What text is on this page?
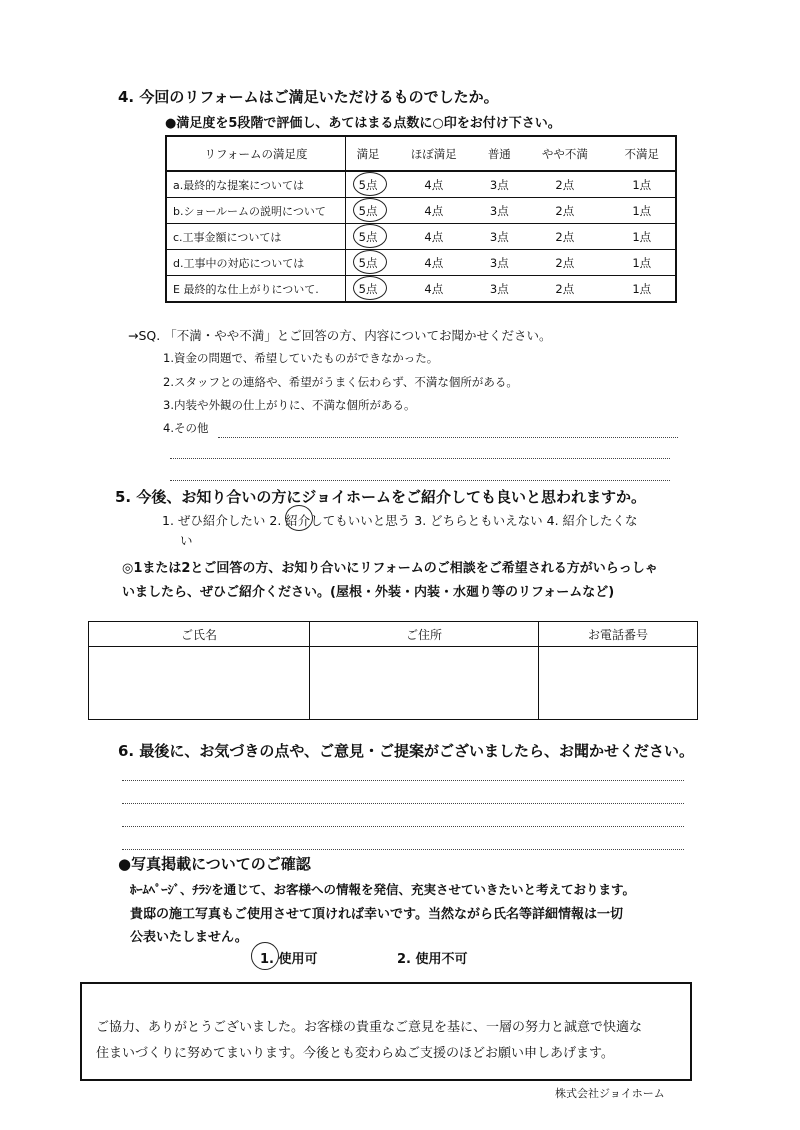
4. 今回のリフォームはご満足いただけるものでしたか。
●満足度を5段階で評価し、あてはまる点数に○印をお付け下さい。
リフォームの満足度	満足	ほぼ満足	普通	やや不満	不満足
a.最終的な提案については	5点	4点	3点	2点	1点
b.ショールームの説明について	5点	4点	3点	2点	1点
c.工事金額については	5点	4点	3点	2点	1点
d.工事中の対応については	5点	4点	3点	2点	1点
E 最終的な仕上がりについて.	5点	4点	3点	2点	1点
→SQ. 「不満・やや不満」とご回答の方、内容についてお聞かせください。
1.資金の問題で、希望していたものができなかった。
2.スタッフとの連絡や、希望がうまく伝わらず、不満な個所がある。
3.内装や外観の仕上がりに、不満な個所がある。
4.その他
5. 今後、お知り合いの方にジョイホームをご紹介しても良いと思われますか。
1. ぜひ紹介したい 2. 紹介してもいいと思う 3. どちらともいえない 4. 紹介したくな
い
◎1または2とご回答の方、お知り合いにリフォームのご相談をご希望される方がいらっしゃ
いましたら、ぜひご紹介ください。(屋根・外装・内装・水廻り等のリフォームなど)
ご氏名	ご住所	お電話番号

6. 最後に、お気づきの点や、ご意見・ご提案がございましたら、お聞かせください。
●写真掲載についてのご確認
ﾎｰﾑﾍﾟｰｼﾞ、ﾁﾗｼを通じて、お客様への情報を発信、充実させていきたいと考えております。
貴邸の施工写真もご使用させて頂ければ幸いです。当然ながら氏名等詳細情報は一切
公表いたしません。
1. 使用可	2. 使用不可

ご協力、ありがとうございました。お客様の貴重なご意見を基に、一層の努力と誠意で快適な

住まいづくりに努めてまいります。今後とも変わらぬご支援のほどお願い申しあげます。

株式会社ジョイホーム
